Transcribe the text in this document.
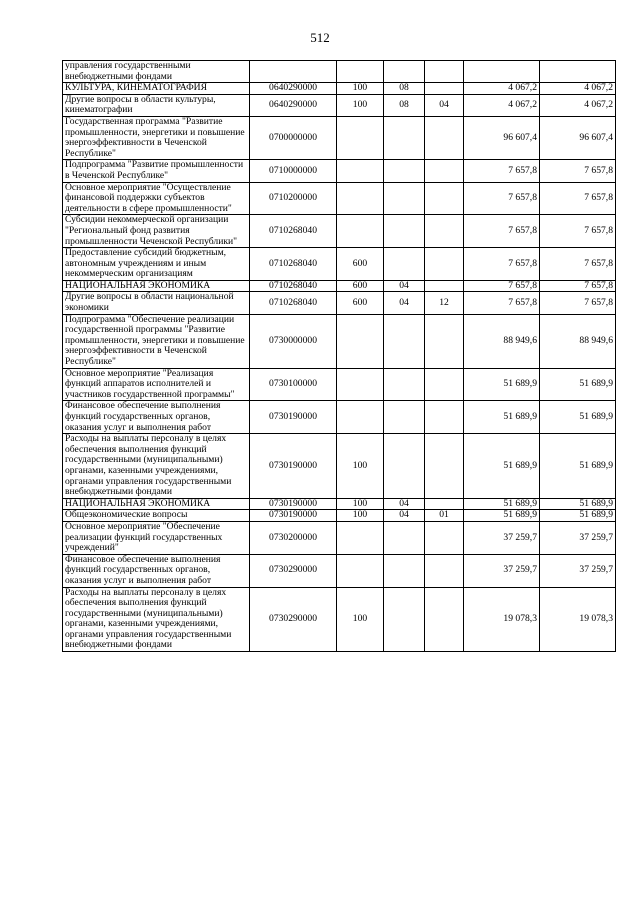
512
управления государственными внебюджетными фондами						
КУЛЬТУРА, КИНЕМАТОГРАФИЯ	0640290000	100	08		4 067,2	4 067,2
Другие вопросы в области культуры, кинематографии	0640290000	100	08	04	4 067,2	4 067,2
Государственная программа "Развитие промышленности, энергетики и повышение энергоэффективности в Чеченской Республике"	0700000000				96 607,4	96 607,4
Подпрограмма "Развитие промышленности в Чеченской Республике"	0710000000				7 657,8	7 657,8
Основное мероприятие "Осуществление финансовой поддержки субъектов деятельности в сфере промышленности"	0710200000				7 657,8	7 657,8
Субсидии некоммерческой организации "Региональный фонд развития промышленности Чеченской Республики"	0710268040				7 657,8	7 657,8
Предоставление субсидий бюджетным, автономным учреждениям и иным некоммерческим организациям	0710268040	600			7 657,8	7 657,8
НАЦИОНАЛЬНАЯ ЭКОНОМИКА	0710268040	600	04		7 657,8	7 657,8
Другие вопросы в области национальной экономики	0710268040	600	04	12	7 657,8	7 657,8
Подпрограмма "Обеспечение реализации государственной программы "Развитие промышленности, энергетики и повышение энергоэффективности в Чеченской Республике"	0730000000				88 949,6	88 949,6
Основное мероприятие "Реализация функций аппаратов исполнителей и участников государственной программы"	0730100000				51 689,9	51 689,9
Финансовое обеспечение выполнения функций государственных органов, оказания услуг и выполнения работ	0730190000				51 689,9	51 689,9
Расходы на выплаты персоналу в целях обеспечения выполнения функций государственными (муниципальными) органами, казенными учреждениями, органами управления государственными внебюджетными фондами	0730190000	100			51 689,9	51 689,9
НАЦИОНАЛЬНАЯ ЭКОНОМИКА	0730190000	100	04		51 689,9	51 689,9
Общеэкономические вопросы	0730190000	100	04	01	51 689,9	51 689,9
Основное мероприятие "Обеспечение реализации функций государственных учреждений"	0730200000				37 259,7	37 259,7
Финансовое обеспечение выполнения функций государственных органов, оказания услуг и выполнения работ	0730290000				37 259,7	37 259,7
Расходы на выплаты персоналу в целях обеспечения выполнения функций государственными (муниципальными) органами, казенными учреждениями, органами управления государственными внебюджетными фондами	0730290000	100			19 078,3	19 078,3
